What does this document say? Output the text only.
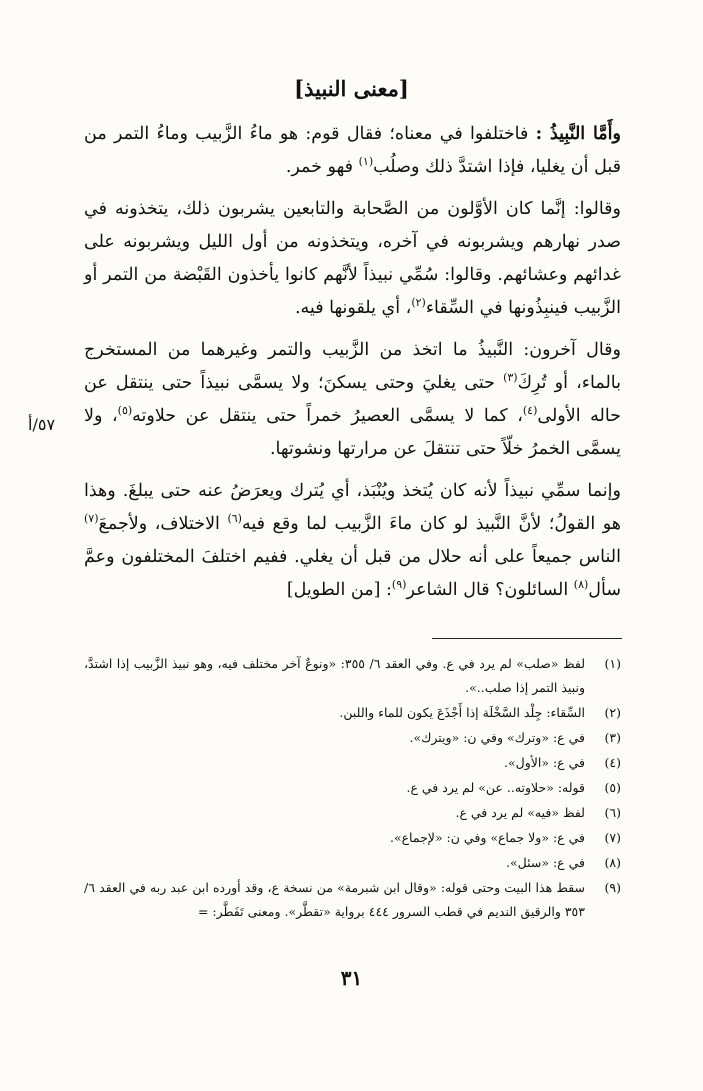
[معنى النبيذ]
٥٧/أ

وأَمَّا النَّبِيذُ : فاختلفوا في معناه؛ فقال قوم: هو ماءُ الزَّبيب وماءُ التمر من قبل أن يغليا، فإذا اشتدَّ ذلك وصلُب$^{(١)}$ فهو خمر.

وقالوا: إنَّما كان الأوَّلون من الصَّحابة والتابعين يشربون ذلك، يتخذونه في صدر نهارهم ويشربونه في آخره، ويتخذونه من أول الليل ويشربونه على غدائهم وعشائهم. وقالوا: سُمِّي نبيذاً لأنَّهم كانوا يأخذون القَبْضة من التمر أو الزَّبيب فينبِذُونها في السِّقاء$^{(٢)}$، أي يلقونها فيه.

وقال آخرون: النَّبيذُ ما اتخذ من الزَّبيب والتمر وغيرهما من المستخرج بالماء، أو تُرِكَ$^{(٣)}$ حتى يغليَ وحتى يسكنَ؛ ولا يسمَّى نبيذاً حتى ينتقل عن حاله الأولى$^{(٤)}$، كما لا يسمَّى العصيرُ خمراً حتى ينتقل عن حلاوته$^{(٥)}$، ولا يسمَّى الخمرُ خلّاً حتى تنتقلَ عن مرارتها ونشوتها.

وإنما سمِّي نبيذاً لأنه كان يُتخذ ويُنْبَذ، أي يُترك ويعرَضُ عنه حتى يبلغَ. وهذا هو القولُ؛ لأنَّ النَّبيذ لو كان ماءَ الزَّبيب لما وقع فيه$^{(٦)}$ الاختلاف، ولأجمعَ$^{(٧)}$ الناس جميعاً على أنه حلال من قبل أن يغلي. ففيم اختلفَ المختلفون وعمَّ سأل$^{(٨)}$ السائلون؟ قال الشاعر$^{(٩)}$: [من الطويل]

(١)
لفظ «صلب» لم يرد في ع. وفي العقد ٦/ ٣٥٥: «ونوعٌ آخر مختلف فيه، وهو نبيذ الزَّبيب إذا اشتدَّ، ونبيذ التمر إذا صلب..».
(٢)
السِّقاء: جِلْد السَّخْلَة إذا أَجْذَعَ يكون للماء واللبن.
(٣)
في ع: «وترك» وفي ن: «ويترك».
(٤)
في ع: «الأول».
(٥)
قوله: «حلاوته.. عن» لم يرد في ع.
(٦)
لفظ «فيه» لم يرد في ع.
(٧)
في ع: «ولا جماع» وفي ن: «لإجماع».
(٨)
في ع: «سئل».
(٩)
سقط هذا البيت وحتى قوله: «وقال ابن شبرمة» من نسخة ع، وقد أورده ابن عبد ربه في العقد ٦/ ٣٥٣ والرقيق النديم في قطب السرور ٤٤٤ برواية «تقطَّر». ومعنى تَفَطَّر: =
٣١
